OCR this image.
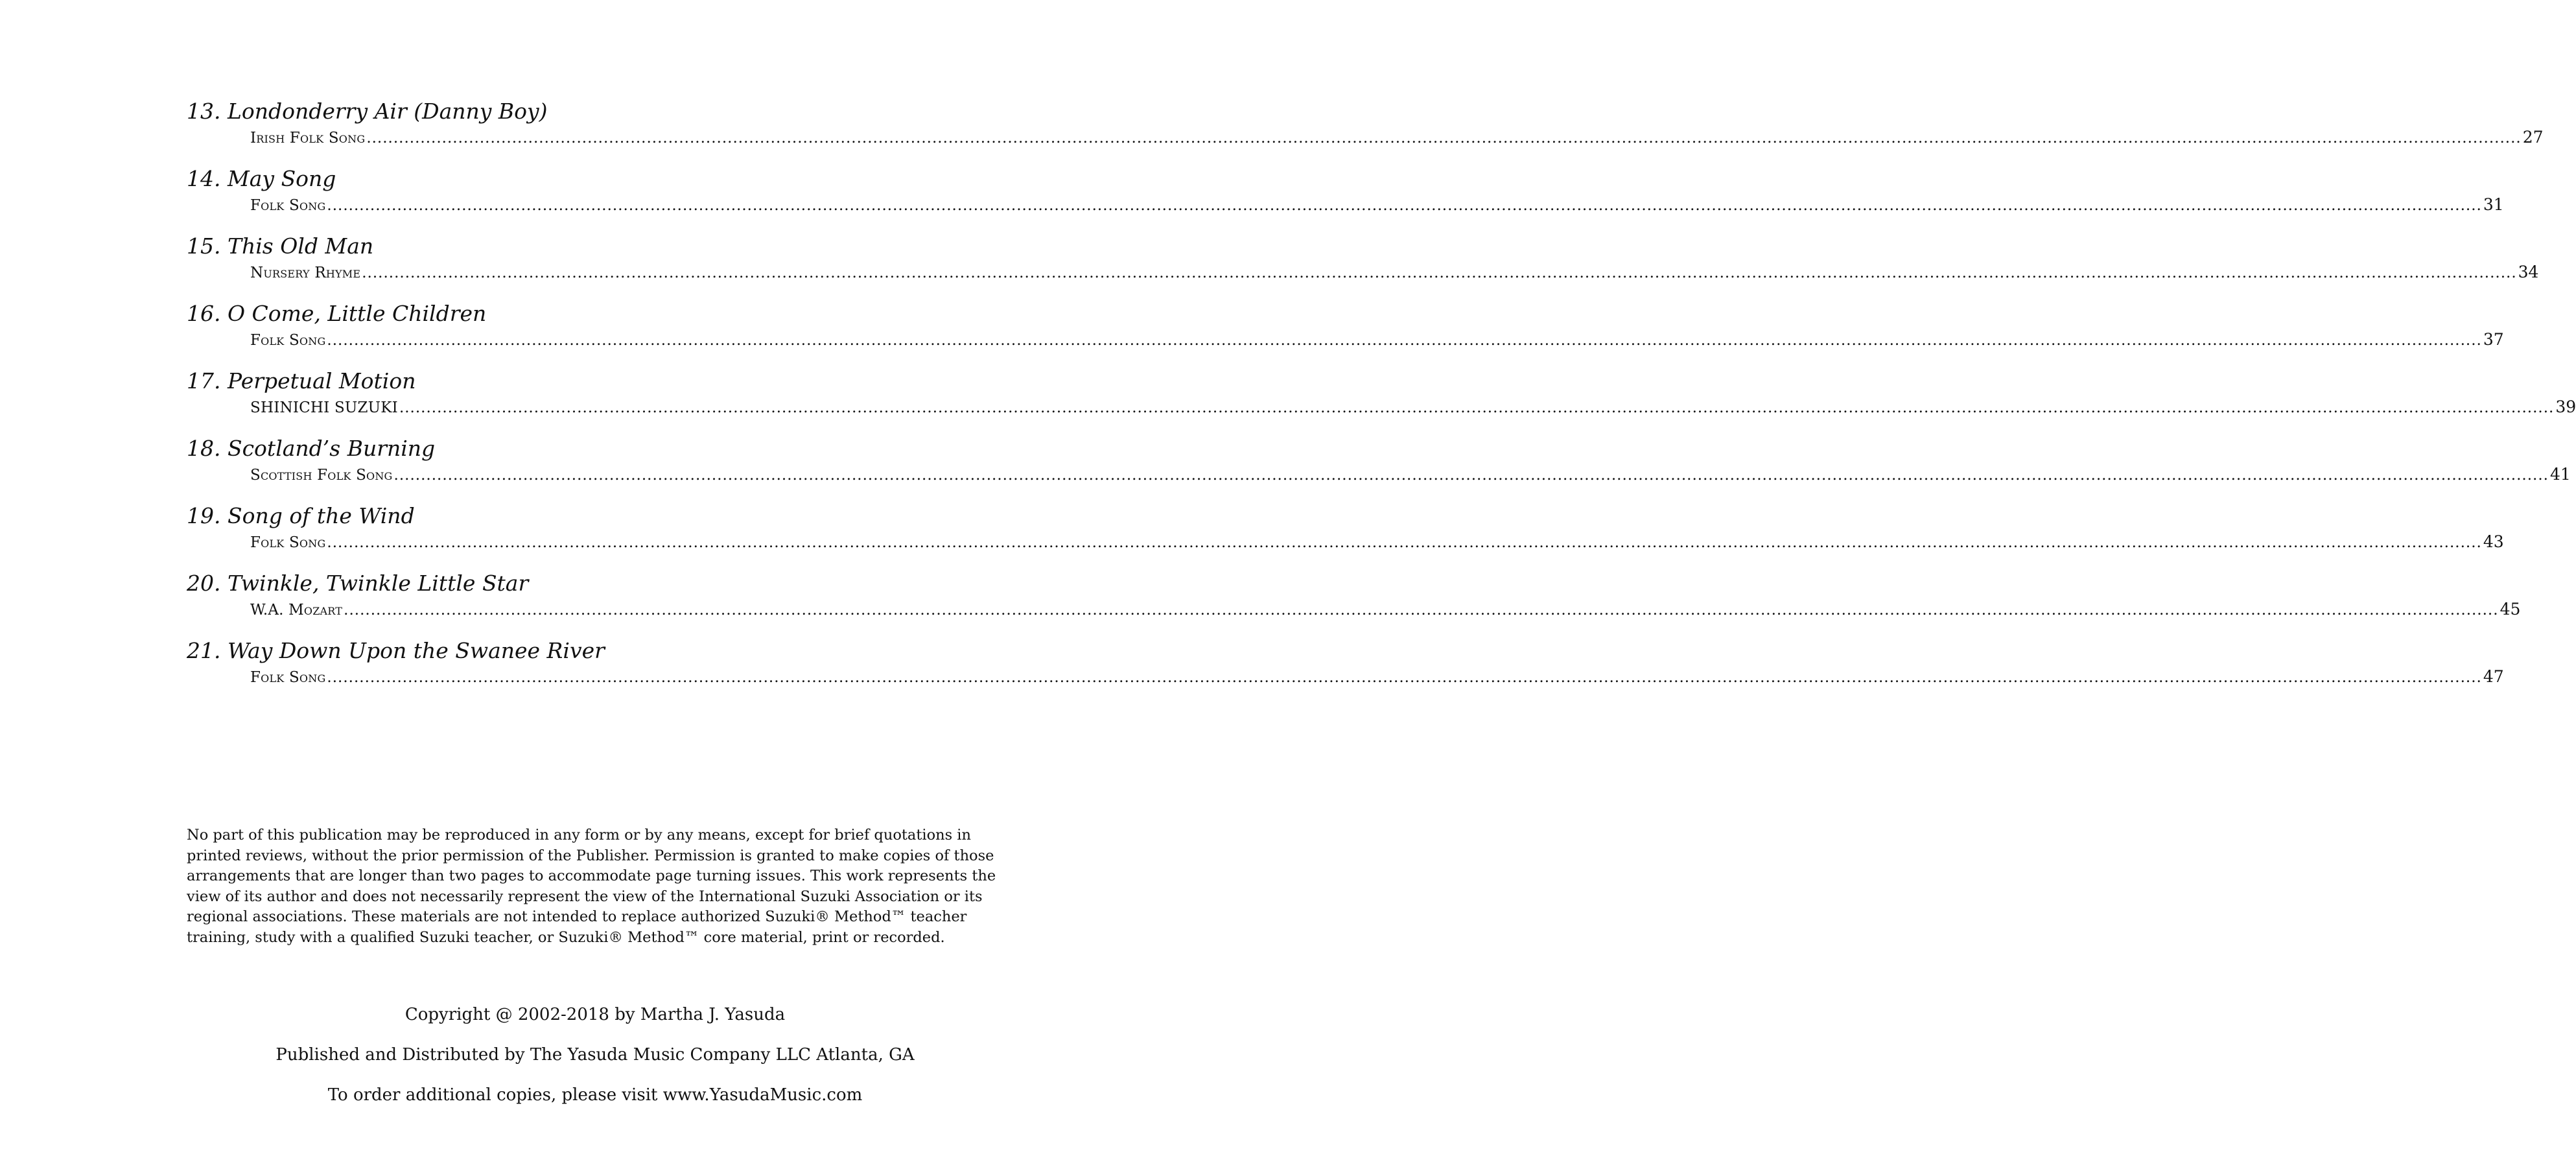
13. Londonderry Air (Danny Boy)
Irish Folk Song ................................................................................................................................................................................................................................................................................................................................................................................................................ 27
14. May Song
Folk Song ................................................................................................................................................................................................................................................................................................................................................................................................................ 31
15. This Old Man
Nursery Rhyme ................................................................................................................................................................................................................................................................................................................................................................................................................ 34
16. O Come, Little Children
Folk Song ................................................................................................................................................................................................................................................................................................................................................................................................................ 37
17. Perpetual Motion
SHINICHI SUZUKI ................................................................................................................................................................................................................................................................................................................................................................................................................ 39
18. Scotland’s Burning
Scottish Folk Song ................................................................................................................................................................................................................................................................................................................................................................................................................ 41
19. Song of the Wind
Folk Song ................................................................................................................................................................................................................................................................................................................................................................................................................ 43
20. Twinkle, Twinkle Little Star
W.A. Mozart ................................................................................................................................................................................................................................................................................................................................................................................................................ 45
21. Way Down Upon the Swanee River
Folk Song ................................................................................................................................................................................................................................................................................................................................................................................................................ 47

No part of this publication may be reproduced in any form or by any means, except for brief quotations in printed reviews, without the prior permission of the Publisher. Permission is granted to make copies of those arrangements that are longer than two pages to accommodate page turning issues. This work represents the view of its author and does not necessarily represent the view of the International Suzuki Association or its regional associations. These materials are not intended to replace authorized Suzuki® Method™ teacher training, study with a qualified Suzuki teacher, or Suzuki® Method™ core material, print or recorded.

Copyright @ 2002-2018 by Martha J. Yasuda

Published and Distributed by The Yasuda Music Company LLC Atlanta, GA

To order additional copies, please visit www.YasudaMusic.com
